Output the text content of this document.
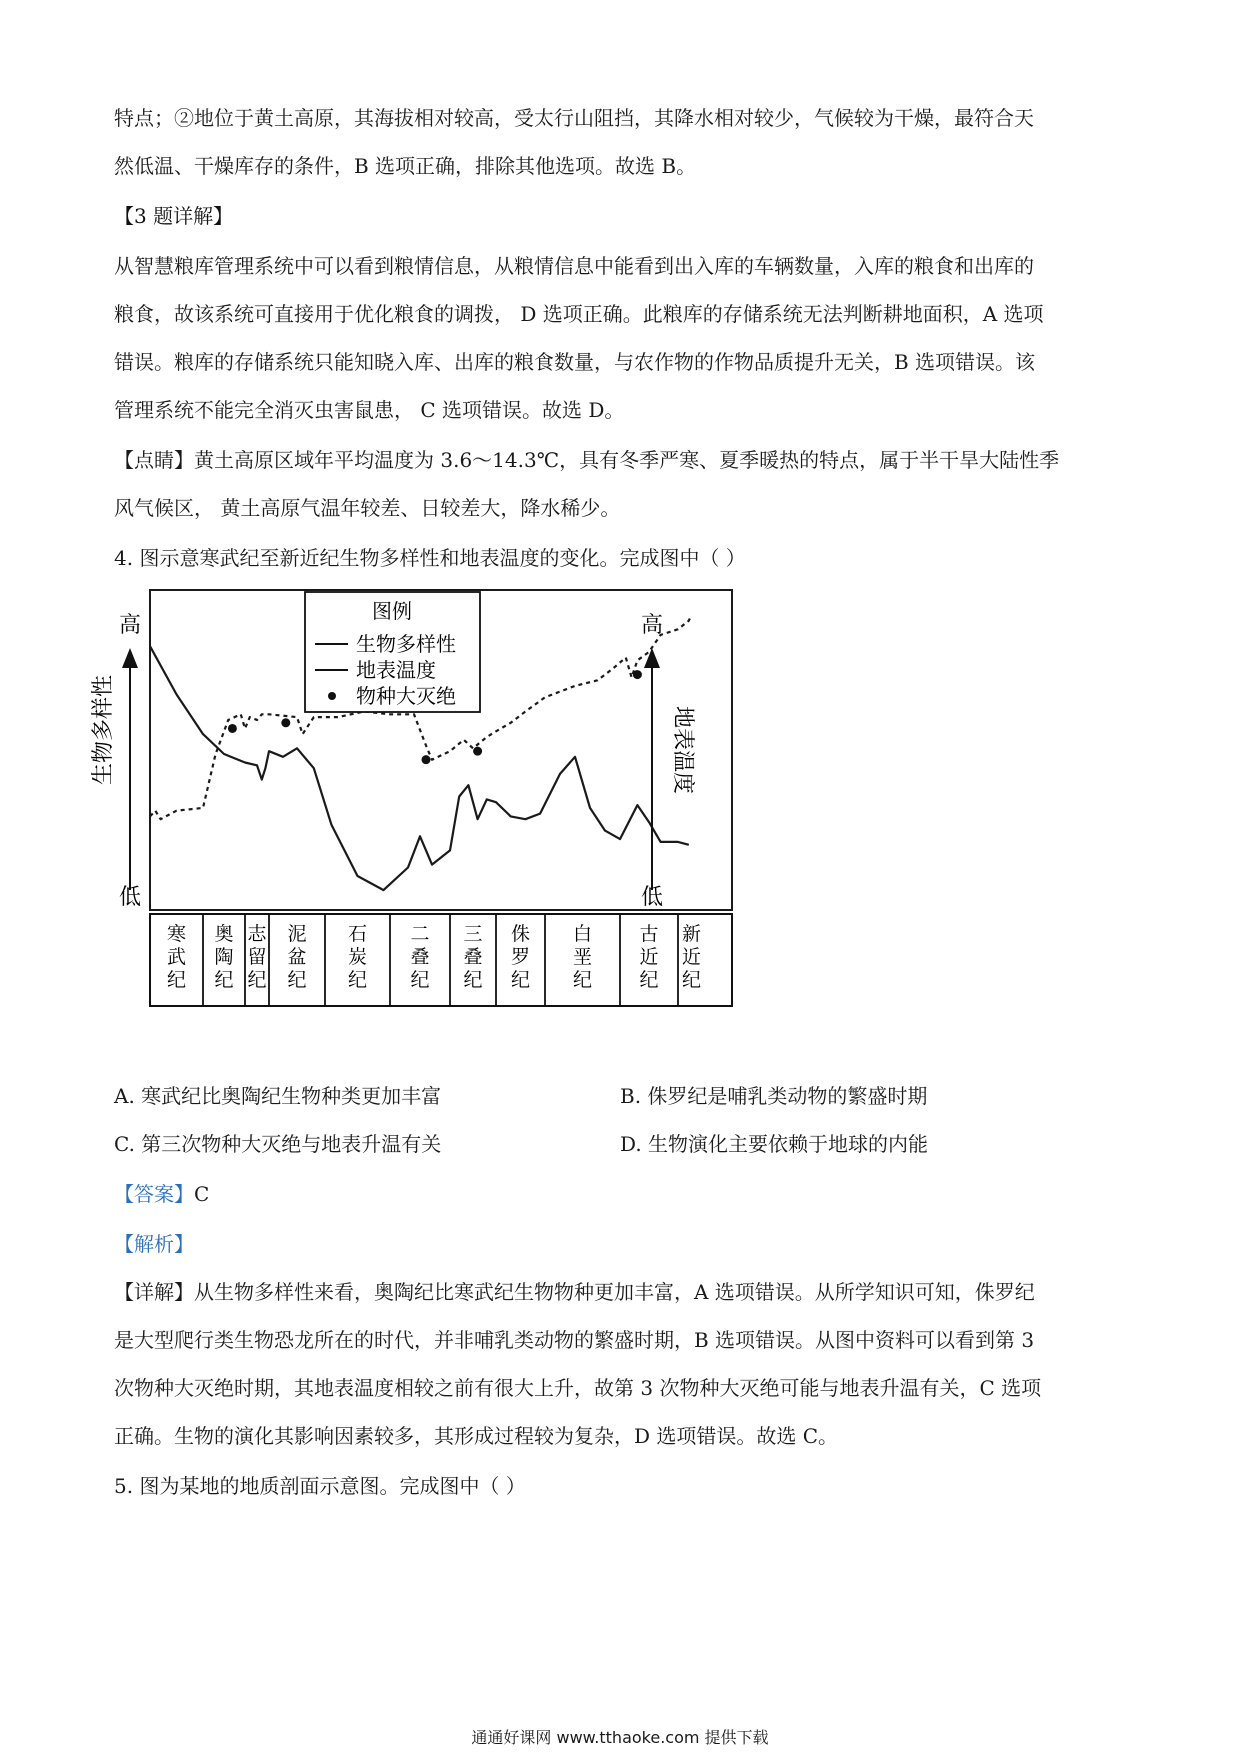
特点；②地位于黄土高原，其海拔相对较高，受太行山阻挡，其降水相对较少，气候较为干燥，最符合天
然低温、干燥库存的条件，B 选项正确，排除其他选项。故选 B。
【3 题详解】
从智慧粮库管理系统中可以看到粮情信息，从粮情信息中能看到出入库的车辆数量，入库的粮食和出库的
粮食，故该系统可直接用于优化粮食的调拨， D 选项正确。此粮库的存储系统无法判断耕地面积，A 选项
错误。粮库的存储系统只能知晓入库、出库的粮食数量，与农作物的作物品质提升无关，B 选项错误。该
管理系统不能完全消灭虫害鼠患， C 选项错误。故选 D。
【点睛】黄土高原区域年平均温度为 3.6～14.3℃，具有冬季严寒、夏季暖热的特点，属于半干旱大陆性季
风气候区， 黄土高原气温年较差、日较差大，降水稀少。
4. 图示意寒武纪至新近纪生物多样性和地表温度的变化。完成图中（ ）
高
低
生物多样性
高
低
地表温度
图例
生物多样性
地表温度
物种大灭绝
寒武纪
奥陶纪
志留纪
泥盆纪
石炭纪
二叠纪
三叠纪
侏罗纪
白垩纪
古近纪
新近纪
A. 寒武纪比奥陶纪生物种类更加丰富	B. 侏罗纪是哺乳类动物的繁盛时期
C. 第三次物种大灭绝与地表升温有关	D. 生物演化主要依赖于地球的内能
【答案】C
【解析】
【详解】从生物多样性来看，奥陶纪比寒武纪生物物种更加丰富，A 选项错误。从所学知识可知，侏罗纪
是大型爬行类生物恐龙所在的时代，并非哺乳类动物的繁盛时期，B 选项错误。从图中资料可以看到第 3
次物种大灭绝时期，其地表温度相较之前有很大上升，故第 3 次物种大灭绝可能与地表升温有关，C 选项
正确。生物的演化其影响因素较多，其形成过程较为复杂，D 选项错误。故选 C。
5. 图为某地的地质剖面示意图。完成图中（ ）
通通好课网 www.tthaoke.com 提供下载
